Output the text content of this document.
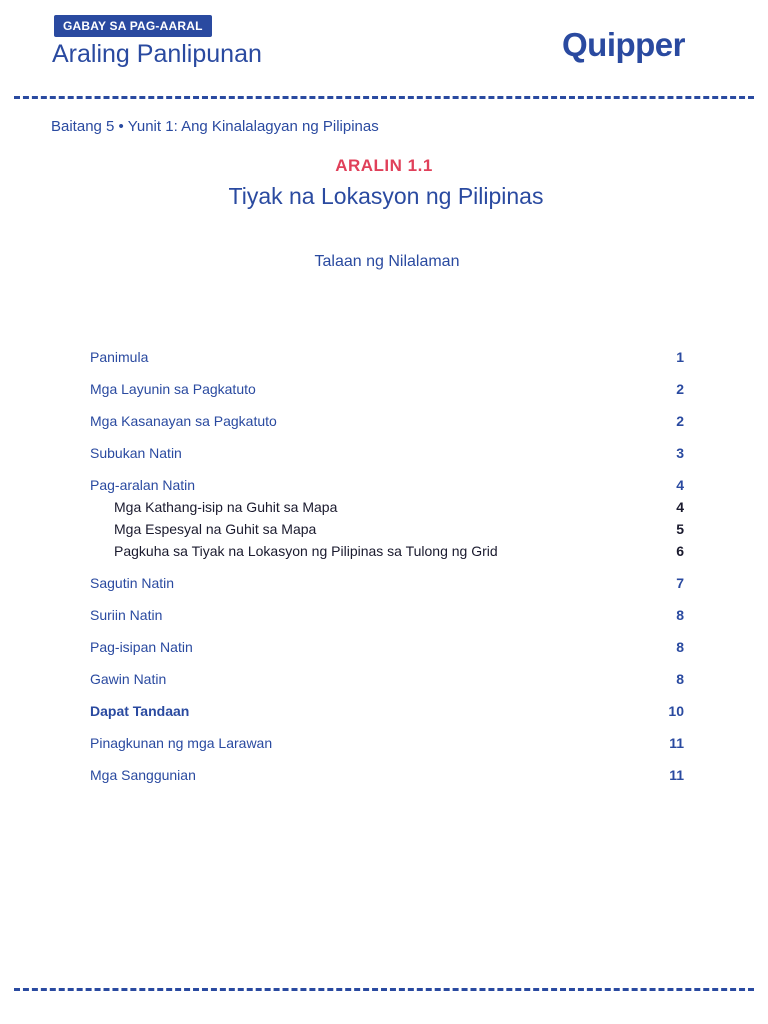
GABAY SA PAG-AARAL
Araling Panlipunan	Quipper
Baitang 5 • Yunit 1: Ang Kinalalagyan ng Pilipinas
ARALIN 1.1
Tiyak na Lokasyon ng Pilipinas
Talaan ng Nilalaman
Panimula	1
Mga Layunin sa Pagkatuto	2
Mga Kasanayan sa Pagkatuto	2
Subukan Natin	3
Pag-aralan Natin	4
Mga Kathang-isip na Guhit sa Mapa	4
Mga Espesyal na Guhit sa Mapa	5
Pagkuha sa Tiyak na Lokasyon ng Pilipinas sa Tulong ng Grid	6
Sagutin Natin	7
Suriin Natin	8
Pag-isipan Natin	8
Gawin Natin	8
Dapat Tandaan	10
Pinagkunan ng mga Larawan	11
Mga Sanggunian	11
